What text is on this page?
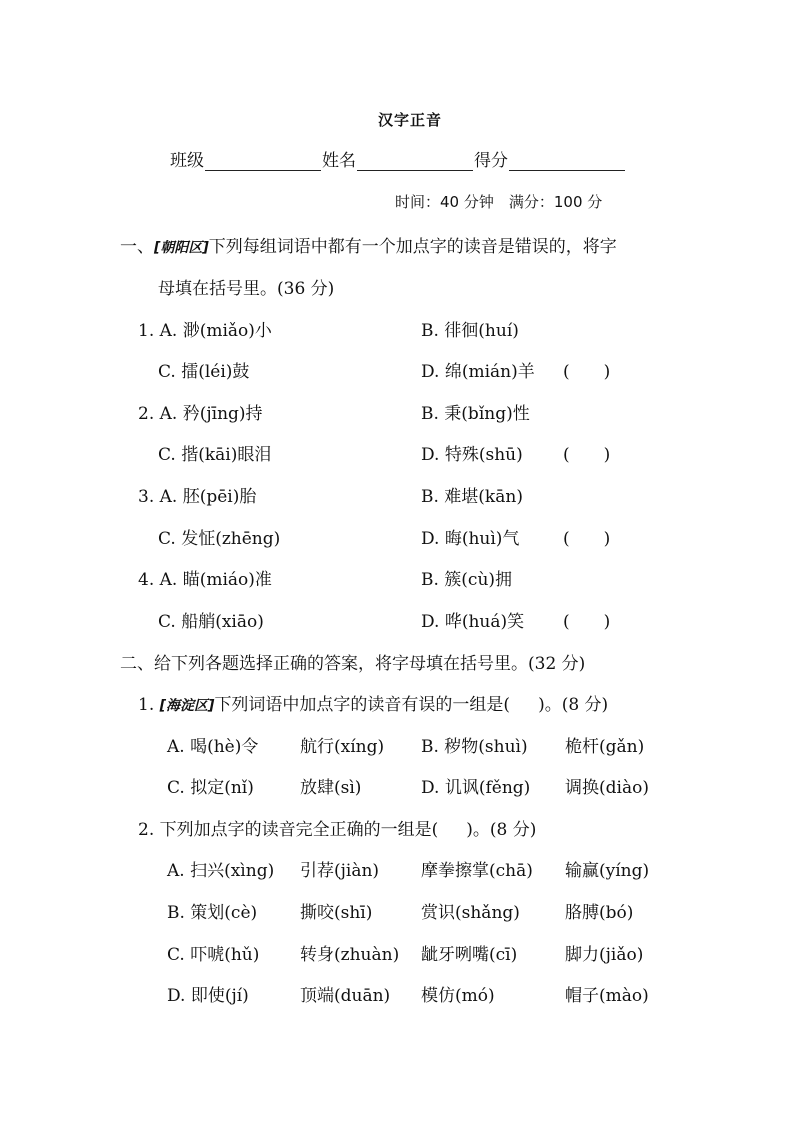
汉字正音
班级	姓名	得分
时间：40 分钟　满分：100 分
一、[朝阳区]下列每组词语中都有一个加点字的读音是错误的，将字
母填在括号里。(36 分)
1. A. 渺(miǎo)小	B. 徘徊(huí)
C. 擂(léi)鼓	D. 绵(mián)羊 (　　)
2. A. 矜(jīng)持	B. 秉(bǐng)性
C. 揩(kāi)眼泪	D. 特殊(shū) (　　)
3. A. 胚(pēi)胎	B. 难堪(kān)
C. 发怔(zhēng)	D. 晦(huì)气	(　　)
4. A. 瞄(miáo)准	B. 簇(cù)拥
C. 船艄(xiāo)	D. 哗(huá)笑 (　　)
二、给下列各题选择正确的答案，将字母填在括号里。(32 分)
1. [海淀区]下列词语中加点字的读音有误的一组是( )。(8 分)
A. 喝(hè)令 航行(xíng) B. 秽物(shuì) 桅杆(gǎn)
C. 拟定(nǐ)	放肆(sì)	D. 讥讽(fěng) 调换(diào)
2. 下列加点字的读音完全正确的一组是( )。(8 分)
A. 扫兴(xìng) 引荐(jiàn) 摩拳擦掌(chā) 输赢(yíng)
B. 策划(cè)	撕咬(shī)	赏识(shǎng)	胳膊(bó)
C. 吓唬(hǔ) 转身(zhuàn) 龇牙咧嘴(cī)	脚力(jiǎo)
D. 即使(jí)	顶端(duān) 模仿(mó)	帽子(mào)
